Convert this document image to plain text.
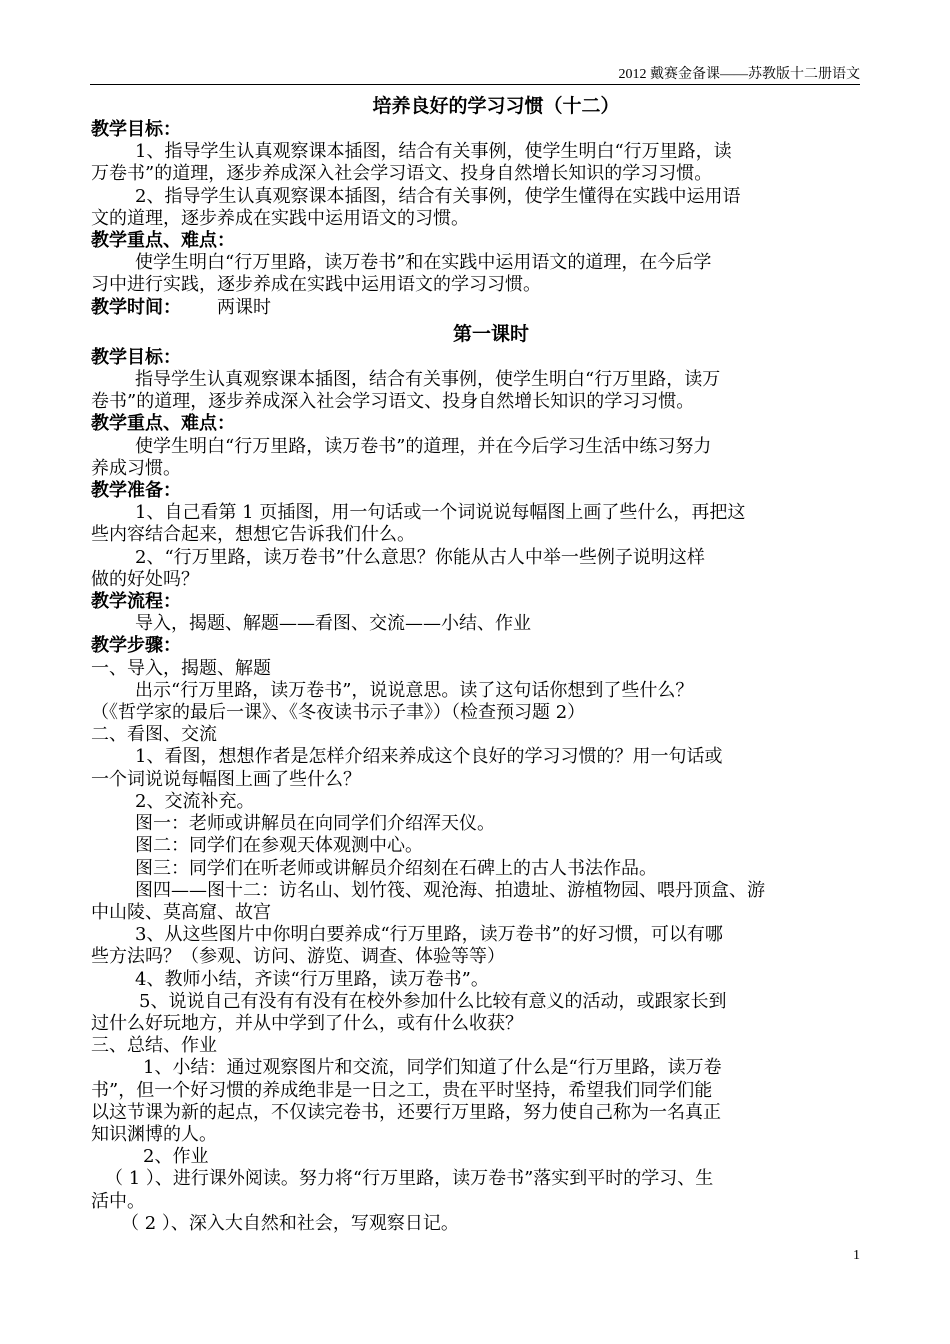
2012 戴赛金备课——苏教版十二册语文
培养良好的学习习惯（十二）
教学目标：
1、指导学生认真观察课本插图，结合有关事例，使学生明白“行万里路，读
万卷书”的道理，逐步养成深入社会学习语文、投身自然增长知识的学习习惯。
2、指导学生认真观察课本插图，结合有关事例，使学生懂得在实践中运用语
文的道理，逐步养成在实践中运用语文的习惯。
教学重点、难点：
使学生明白“行万里路，读万卷书”和在实践中运用语文的道理，在今后学
习中进行实践，逐步养成在实践中运用语文的学习习惯。
教学时间： 两课时
第一课时
教学目标：
指导学生认真观察课本插图，结合有关事例，使学生明白“行万里路，读万
卷书”的道理，逐步养成深入社会学习语文、投身自然增长知识的学习习惯。
教学重点、难点：
使学生明白“行万里路，读万卷书”的道理，并在今后学习生活中练习努力
养成习惯。
教学准备：
1、自己看第 1 页插图，用一句话或一个词说说每幅图上画了些什么，再把这
些内容结合起来，想想它告诉我们什么。
2、“行万里路，读万卷书”什么意思？你能从古人中举一些例子说明这样
做的好处吗？
教学流程：
导入，揭题、解题——看图、交流——小结、作业
教学步骤：
一、导入，揭题、解题
出示“行万里路，读万卷书”，说说意思。读了这句话你想到了些什么？
（《哲学家的最后一课》、《冬夜读书示子聿》）（检查预习题 2）
二、看图、交流
1、看图，想想作者是怎样介绍来养成这个良好的学习习惯的？用一句话或
一个词说说每幅图上画了些什么？
2、交流补充。
图一：老师或讲解员在向同学们介绍浑天仪。
图二：同学们在参观天体观测中心。
图三：同学们在听老师或讲解员介绍刻在石碑上的古人书法作品。
图四——图十二：访名山、划竹筏、观沧海、拍遗址、游植物园、喂丹顶盒、游
中山陵、莫高窟、故宫
3、从这些图片中你明白要养成“行万里路，读万卷书”的好习惯，可以有哪
些方法吗？（参观、访问、游览、调查、体验等等）
4、教师小结，齐读“行万里路，读万卷书”。
5、说说自己有没有有没有在校外参加什么比较有意义的活动，或跟家长到
过什么好玩地方，并从中学到了什么，或有什么收获？
三、总结、作业
1、小结：通过观察图片和交流，同学们知道了什么是“行万里路，读万卷
书”，但一个好习惯的养成绝非是一日之工，贵在平时坚持，希望我们同学们能
以这节课为新的起点，不仅读完卷书，还要行万里路，努力使自己称为一名真正
知识渊博的人。
2、作业
（ 1 ）、进行课外阅读。努力将“行万里路，读万卷书”落实到平时的学习、生
活中。
（ 2 ）、深入大自然和社会，写观察日记。
1
